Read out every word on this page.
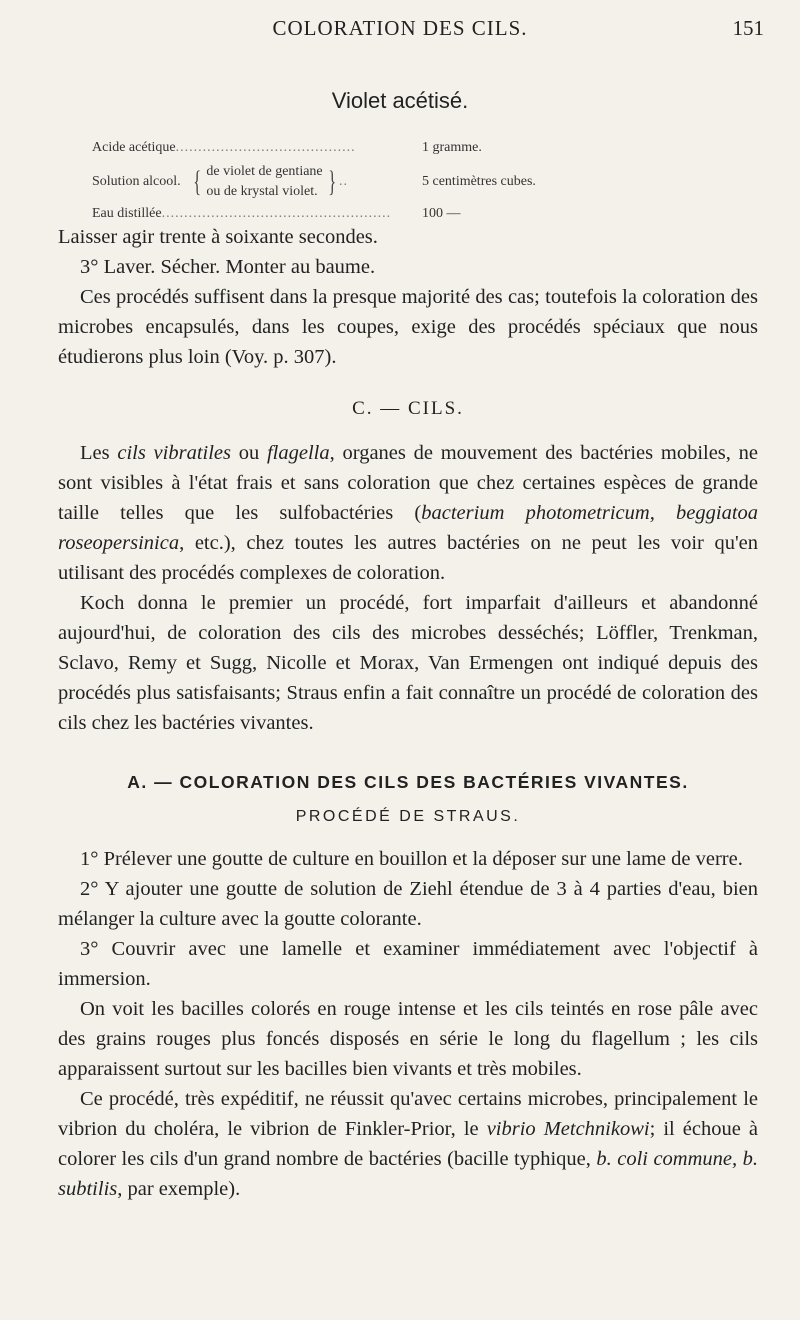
COLORATION DES CILS.	151
Violet acétisé.
Acide acétique........................................	1 gramme.
Solution alcool. { de violet de gentiane
ou de krystal violet. } ..	5 centimètres cubes.
Eau distillée................................................... 100 —

Laisser agir trente à soixante secondes.

3° Laver. Sécher. Monter au baume.

Ces procédés suffisent dans la presque majorité des cas; toutefois la coloration des microbes encapsulés, dans les coupes, exige des procédés spéciaux que nous étudierons plus loin (Voy. p. 307).

C. — CILS.

Les cils vibratiles ou flagella, organes de mouvement des bactéries mobiles, ne sont visibles à l'état frais et sans coloration que chez certaines espèces de grande taille telles que les sulfobactéries (bacterium photometricum, beggiatoa roseopersinica, etc.), chez toutes les autres bactéries on ne peut les voir qu'en utilisant des procédés complexes de coloration.

Koch donna le premier un procédé, fort imparfait d'ailleurs et abandonné aujourd'hui, de coloration des cils des microbes desséchés; Löffler, Trenkman, Sclavo, Remy et Sugg, Nicolle et Morax, Van Ermengen ont indiqué depuis des procédés plus satisfaisants; Straus enfin a fait connaître un procédé de coloration des cils chez les bactéries vivantes.

A. — COLORATION DES CILS DES BACTÉRIES VIVANTES.
PROCÉDÉ DE STRAUS.

1° Prélever une goutte de culture en bouillon et la déposer sur une lame de verre.

2° Y ajouter une goutte de solution de Ziehl étendue de 3 à 4 parties d'eau, bien mélanger la culture avec la goutte colorante.

3° Couvrir avec une lamelle et examiner immédiatement avec l'objectif à immersion.

On voit les bacilles colorés en rouge intense et les cils teintés en rose pâle avec des grains rouges plus foncés disposés en série le long du flagellum ; les cils apparaissent surtout sur les bacilles bien vivants et très mobiles.

Ce procédé, très expéditif, ne réussit qu'avec certains microbes, principalement le vibrion du choléra, le vibrion de Finkler-Prior, le vibrio Metchnikowi; il échoue à colorer les cils d'un grand nombre de bactéries (bacille typhique, b. coli commune, b. subtilis, par exemple).
